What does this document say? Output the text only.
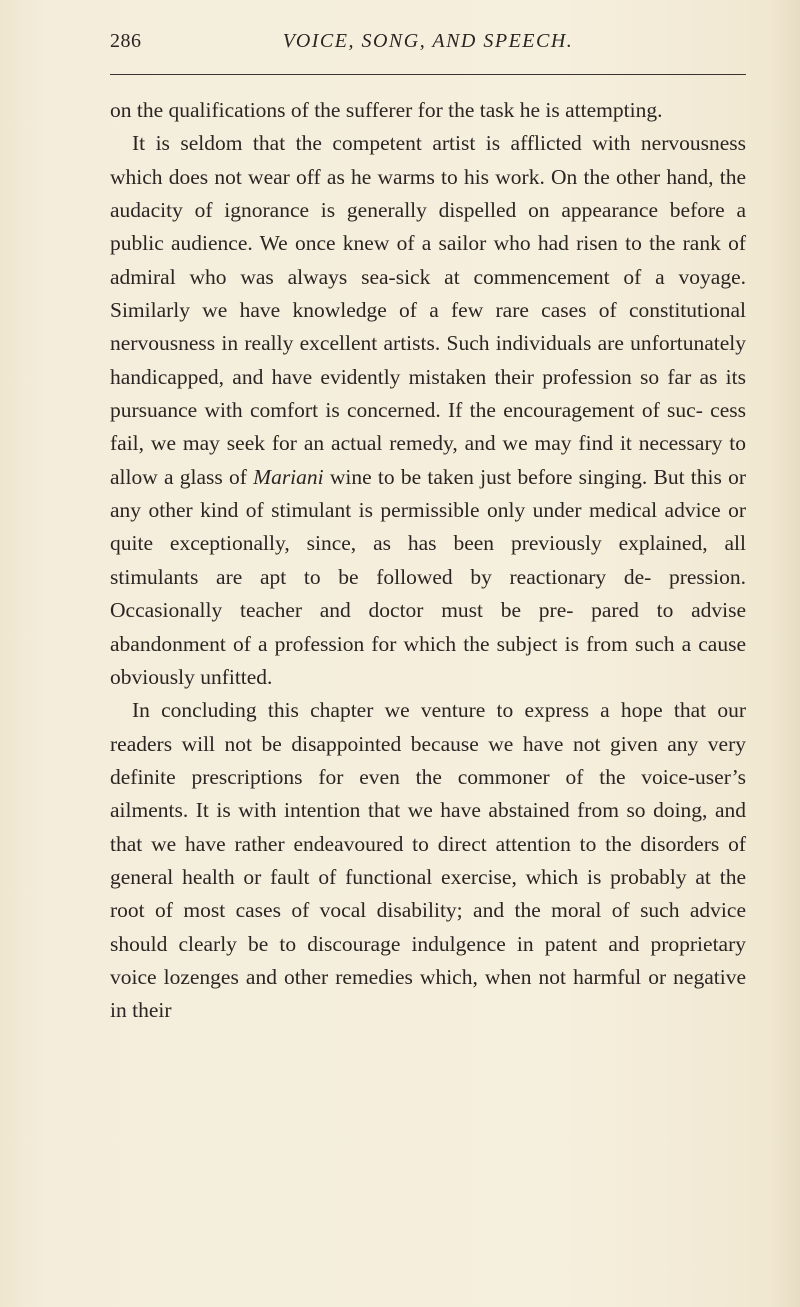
286	VOICE, SONG, AND SPEECH.

on the qualifications of the sufferer for the task he is attempting.

It is seldom that the competent artist is afflicted with nervousness which does not wear off as he warms to his work. On the other hand, the audacity of ignorance is generally dispelled on appearance before a public audience. We once knew of a sailor who had risen to the rank of admiral who was always sea-sick at commencement of a voyage. Similarly we have knowledge of a few rare cases of constitutional nervousness in really excellent artists. Such individuals are unfortunately handicapped, and have evidently mistaken their profession so far as its pursuance with comfort is concerned. If the encouragement of suc- cess fail, we may seek for an actual remedy, and we may find it necessary to allow a glass of Mariani wine to be taken just before singing. But this or any other kind of stimulant is permissible only under medical advice or quite exceptionally, since, as has been previously explained, all stimulants are apt to be followed by reactionary de- pression. Occasionally teacher and doctor must be pre- pared to advise abandonment of a profession for which the subject is from such a cause obviously unfitted.

In concluding this chapter we venture to express a hope that our readers will not be disappointed because we have not given any very definite prescriptions for even the commoner of the voice-user’s ailments. It is with intention that we have abstained from so doing, and that we have rather endeavoured to direct attention to the disorders of general health or fault of functional exercise, which is probably at the root of most cases of vocal disability; and the moral of such advice should clearly be to discourage indulgence in patent and proprietary voice lozenges and other remedies which, when not harmful or negative in their
